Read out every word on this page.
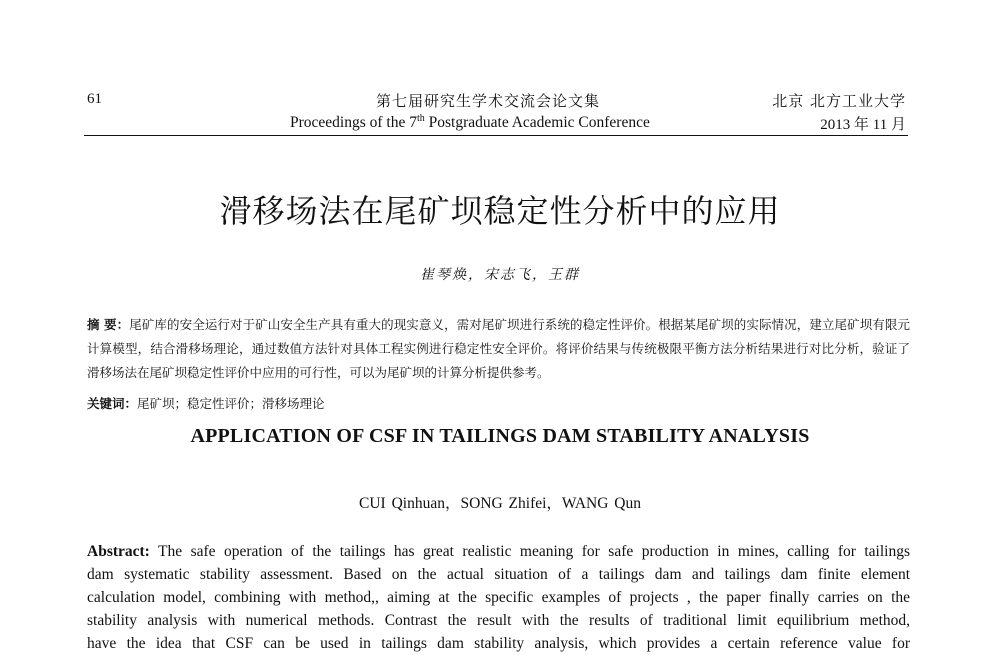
61	第七届研究生学术交流会论文集
Proceedings of the 7th Postgraduate Academic Conference
北京 北方工业大学
2013 年 11 月
滑移场法在尾矿坝稳定性分析中的应用
崔琴焕，宋志飞，王群
摘 要：尾矿库的安全运行对于矿山安全生产具有重大的现实意义，需对尾矿坝进行系统的稳定性评价。根据某尾矿坝的实际情况，建立尾矿坝有限元计算模型，结合滑移场理论，通过数值方法针对具体工程实例进行稳定性安全评价。将评价结果与传统极限平衡方法分析结果进行对比分析，验证了滑移场法在尾矿坝稳定性评价中应用的可行性，可以为尾矿坝的计算分析提供参考。
关键词：尾矿坝；稳定性评价；滑移场理论
APPLICATION OF CSF IN TAILINGS DAM STABILITY ANALYSIS
CUI Qinhuan，SONG Zhifei，WANG Qun
Abstract: The safe operation of the tailings has great realistic meaning for safe production in mines, calling for tailings
dam systematic stability assessment. Based on the actual situation of a tailings dam and tailings dam finite element
calculation model, combining with method,, aiming at the specific examples of projects , the paper finally carries on the
stability analysis with numerical methods. Contrast the result with the results of traditional limit equilibrium method,
have the idea that CSF can be used in tailings dam stability analysis, which provides a certain reference value for
